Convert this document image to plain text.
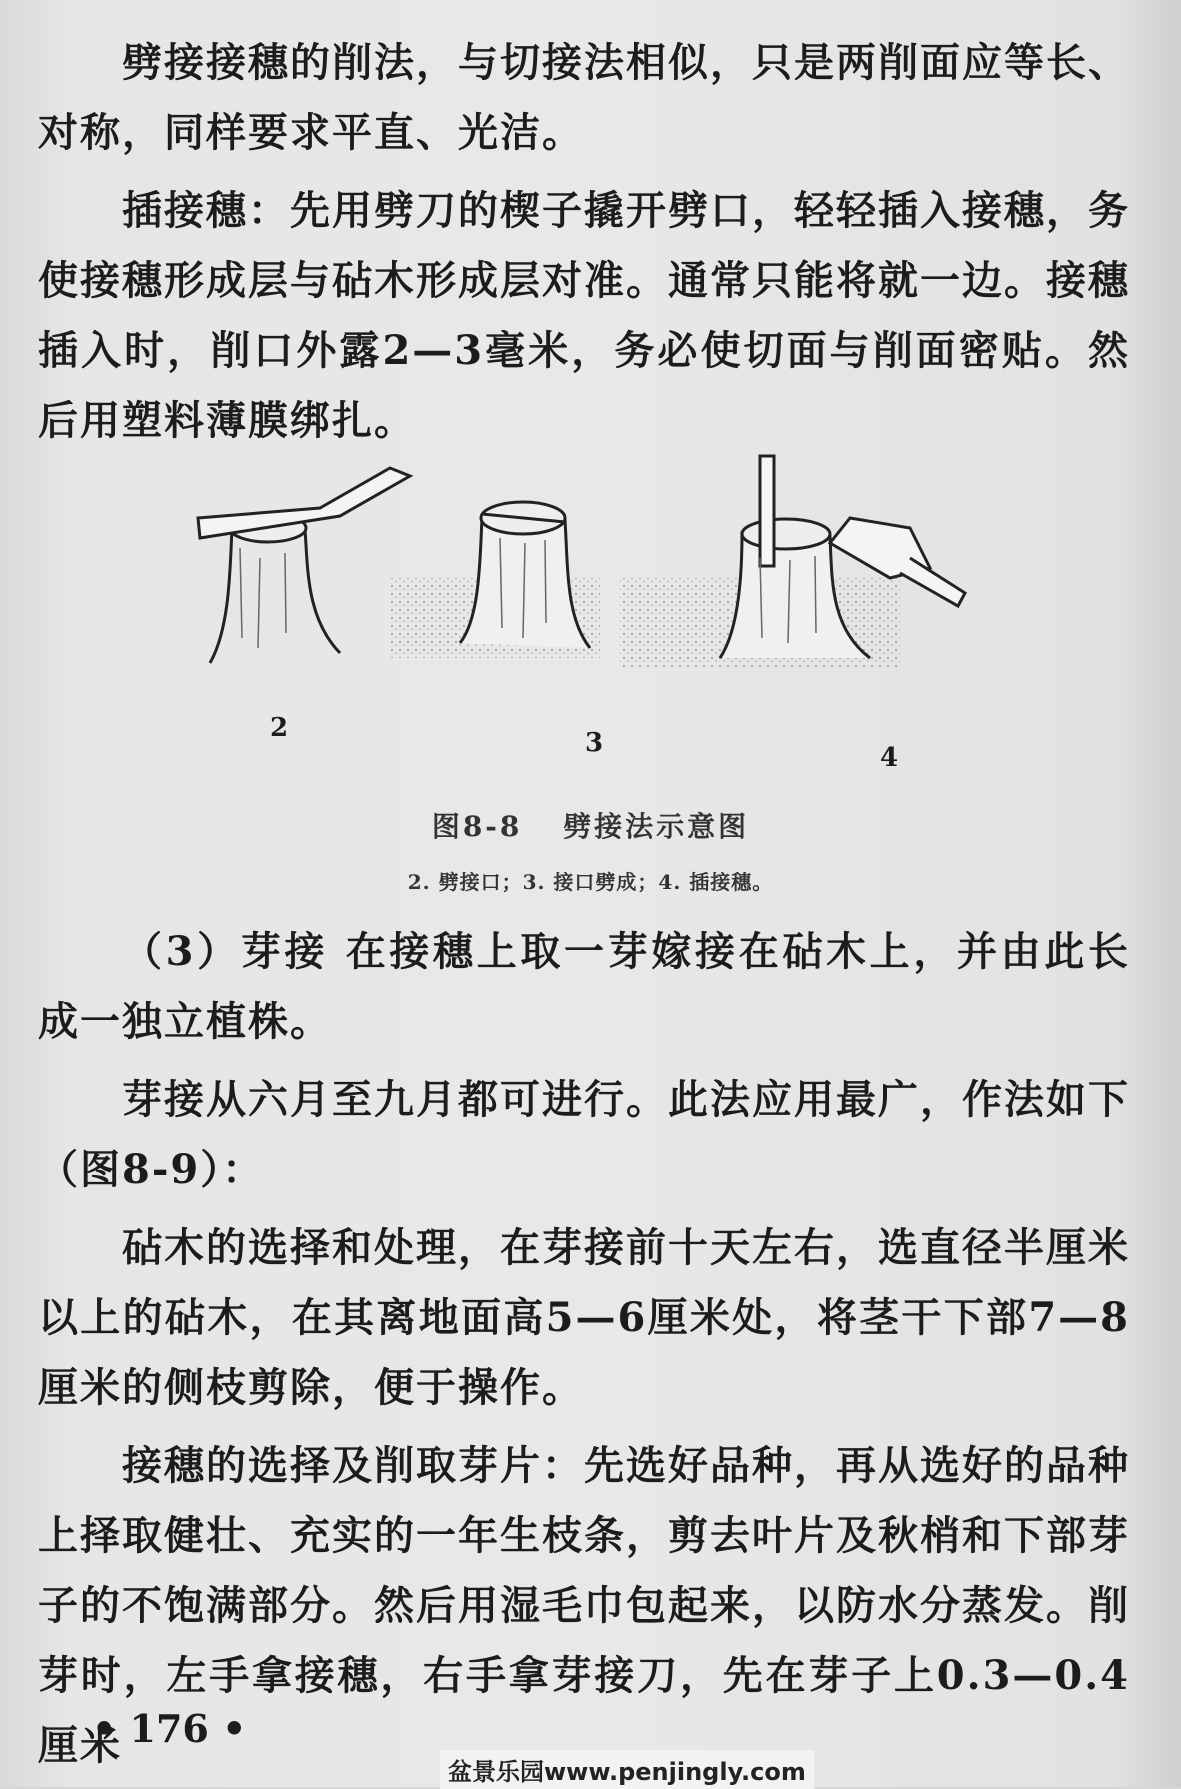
劈接接穗的削法，与切接法相似，只是两削面应等长、对称，同样要求平直、光洁。

插接穗：先用劈刀的楔子撬开劈口，轻轻插入接穗，务使接穗形成层与砧木形成层对准。通常只能将就一边。接穗插入时，削口外露2—3毫米，务必使切面与削面密贴。然后用塑料薄膜绑扎。

2	3	4
图8-8 劈接法示意图
2. 劈接口；3. 接口劈成；4. 插接穗。

（3）芽接 在接穗上取一芽嫁接在砧木上，并由此长成一独立植株。

芽接从六月至九月都可进行。此法应用最广，作法如下（图8-9）：

砧木的选择和处理，在芽接前十天左右，选直径半厘米以上的砧木，在其离地面高5—6厘米处，将茎干下部7—8厘米的侧枝剪除，便于操作。

接穗的选择及削取芽片：先选好品种，再从选好的品种上择取健壮、充实的一年生枝条，剪去叶片及秋梢和下部芽子的不饱满部分。然后用湿毛巾包起来，以防水分蒸发。削芽时，左手拿接穗，右手拿芽接刀，先在芽子上0.3—0.4厘米

• 176 •
盆景乐园www.penjingly.com
